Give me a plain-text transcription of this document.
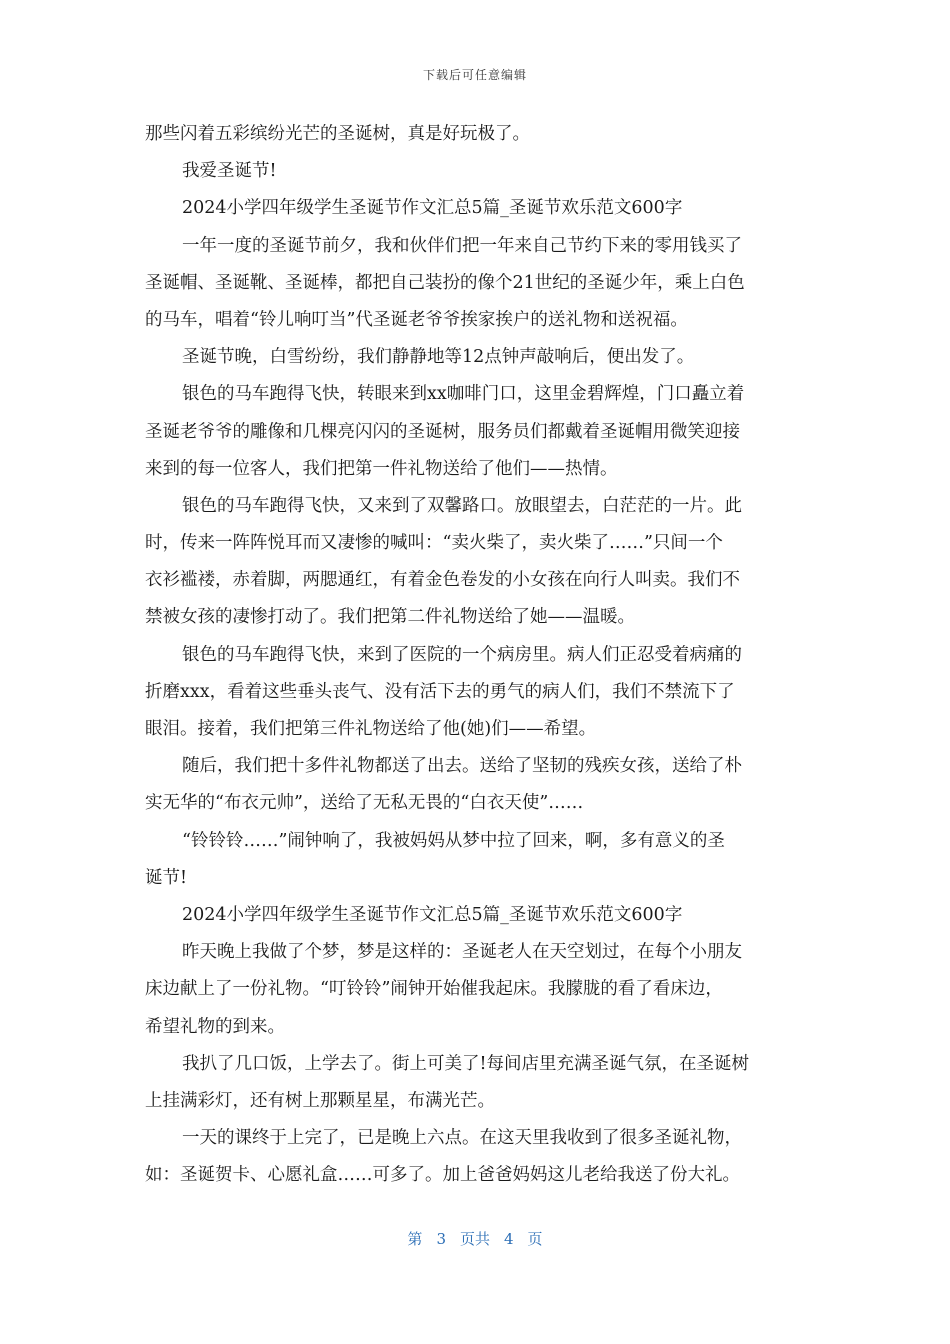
下载后可任意编辑
那些闪着五彩缤纷光芒的圣诞树，真是好玩极了。
我爱圣诞节!
2024小学四年级学生圣诞节作文汇总5篇_圣诞节欢乐范文600字
一年一度的圣诞节前夕，我和伙伴们把一年来自己节约下来的零用钱买了
圣诞帽、圣诞靴、圣诞棒，都把自己装扮的像个21世纪的圣诞少年，乘上白色
的马车，唱着“铃儿响叮当”代圣诞老爷爷挨家挨户的送礼物和送祝福。
圣诞节晚，白雪纷纷，我们静静地等12点钟声敲响后，便出发了。
银色的马车跑得飞快，转眼来到xx咖啡门口，这里金碧辉煌，门口矗立着
圣诞老爷爷的雕像和几棵亮闪闪的圣诞树，服务员们都戴着圣诞帽用微笑迎接
来到的每一位客人，我们把第一件礼物送给了他们——热情。
银色的马车跑得飞快，又来到了双馨路口。放眼望去，白茫茫的一片。此
时，传来一阵阵悦耳而又凄惨的喊叫：“卖火柴了，卖火柴了……”只间一个
衣衫褴褛，赤着脚，两腮通红，有着金色卷发的小女孩在向行人叫卖。我们不
禁被女孩的凄惨打动了。我们把第二件礼物送给了她——温暖。
银色的马车跑得飞快，来到了医院的一个病房里。病人们正忍受着病痛的
折磨xxx，看着这些垂头丧气、没有活下去的勇气的病人们，我们不禁流下了
眼泪。接着，我们把第三件礼物送给了他(她)们——希望。
随后，我们把十多件礼物都送了出去。送给了坚韧的残疾女孩，送给了朴
实无华的“布衣元帅”，送给了无私无畏的“白衣天使”……
“铃铃铃……”闹钟响了，我被妈妈从梦中拉了回来，啊，多有意义的圣
诞节!
2024小学四年级学生圣诞节作文汇总5篇_圣诞节欢乐范文600字
昨天晚上我做了个梦，梦是这样的：圣诞老人在天空划过，在每个小朋友
床边献上了一份礼物。“叮铃铃”闹钟开始催我起床。我朦胧的看了看床边，
希望礼物的到来。
我扒了几口饭，上学去了。街上可美了!每间店里充满圣诞气氛，在圣诞树
上挂满彩灯，还有树上那颗星星，布满光芒。
一天的课终于上完了，已是晚上六点。在这天里我收到了很多圣诞礼物，
如：圣诞贺卡、心愿礼盒……可多了。加上爸爸妈妈这儿老给我送了份大礼。
第 3 页共 4 页
